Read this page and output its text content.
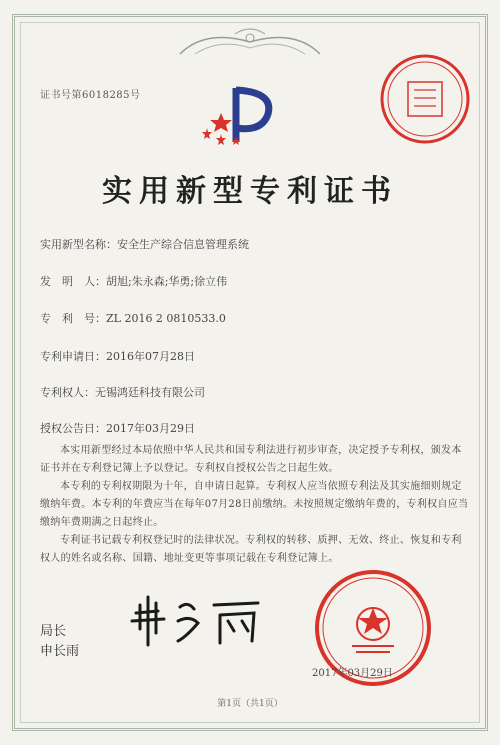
证书号第6018285号
实用新型专利证书
实用新型名称：安全生产综合信息管理系统
发　明　人：胡旭;朱永森;华勇;徐立伟
专　利　号：ZL 2016 2 0810533.0
专利申请日：2016年07月28日
专利权人：无锡鸿廷科技有限公司
授权公告日：2017年03月29日
本实用新型经过本局依照中华人民共和国专利法进行初步审查，决定授予专利权，颁发本证书并在专利登记簿上予以登记。专利权自授权公告之日起生效。
本专利的专利权期限为十年，自申请日起算。专利权人应当依照专利法及其实施细则规定缴纳年费。本专利的年费应当在每年07月28日前缴纳。未按照规定缴纳年费的，专利权自应当缴纳年费期满之日起终止。
专利证书记载专利权登记时的法律状况。专利权的转移、质押、无效、终止、恢复和专利权人的姓名或名称、国籍、地址变更等事项记载在专利登记簿上。
局长
申长雨
2017年03月29日
第1页（共1页）
